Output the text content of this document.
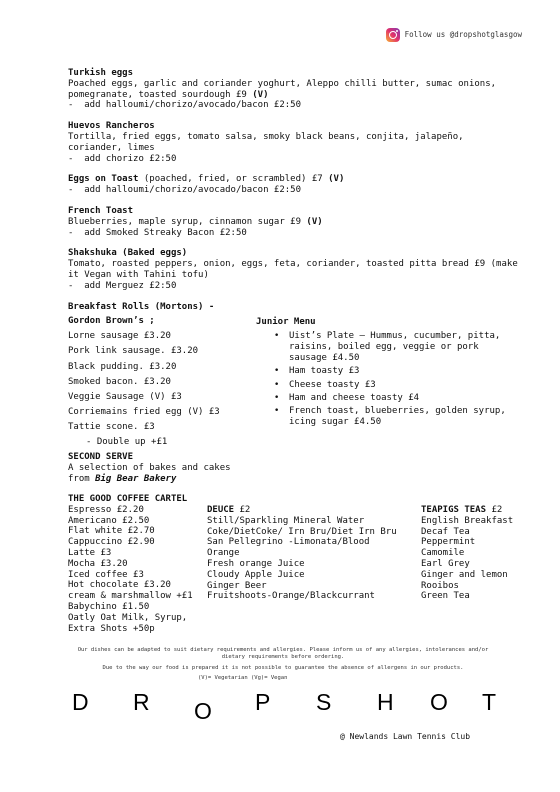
Follow us @dropshotglasgow
Turkish eggs
Poached eggs, garlic and coriander yoghurt, Aleppo chilli butter, sumac onions, pomegranate, toasted sourdough £9 (V)
-  add halloumi/chorizo/avocado/bacon £2:50
Huevos Rancheros
Tortilla, fried eggs, tomato salsa, smoky black beans, conjita, jalapeño, coriander, limes
-  add chorizo £2:50
Eggs on Toast (poached, fried, or scrambled) £7 (V)
-  add halloumi/chorizo/avocado/bacon £2:50
French Toast
Blueberries, maple syrup, cinnamon sugar £9 (V)
-  add Smoked Streaky Bacon £2:50
Shakshuka (Baked eggs)
Tomato, roasted peppers, onion, eggs, feta, coriander, toasted pitta bread £9 (make it Vegan with Tahini tofu)
-  add Merguez £2:50
Breakfast Rolls (Mortons) -
Gordon Brown’s ;
Lorne sausage £3.20
Pork link sausage. £3.20
Black pudding. £3.20
Smoked bacon. £3.20
Veggie Sausage (V) £3
Corriemains fried egg (V) £3
Tattie scone. £3
- Double up +£1
SECOND SERVE
A selection of bakes and cakes
from Big Bear Bakery
Junior Menu
• Uist’s Plate – Hummus, cucumber, pitta, raisins, boiled egg, veggie or pork sausage £4.50
• Ham toasty £3
• Cheese toasty £3
• Ham and cheese toasty £4
• French toast, blueberries, golden syrup, icing sugar £4.50
THE GOOD COFFEE CARTEL
Espresso £2.20
Americano £2.50
Flat white £2.70
Cappuccino £2.90
Latte £3
Mocha £3.20
Iced coffee £3
Hot chocolate £3.20
cream & marshmallow +£1
Babychino £1.50
Oatly Oat Milk, Syrup,
Extra Shots +50p
DEUCE £2
Still/Sparkling Mineral Water
Coke/DietCoke/ Irn Bru/Diet Irn Bru
San Pellegrino -Limonata/Blood
Orange
Fresh orange Juice
Cloudy Apple Juice
Ginger Beer
Fruitshoots-Orange/Blackcurrant
TEAPIGS TEAS £2
English Breakfast
Decaf Tea
Peppermint
Camomile
Earl Grey
Ginger and lemon
Rooibos
Green Tea

Our dishes can be adapted to suit dietary requirements and allergies. Please inform us of any allergies, intolerances and/or dietary requirements before ordering.

Due to the way our food is prepared it is not possible to guarantee the absence of allergens in our products.

(V)= Vegetarian (Vg)= Vegan
D R O P S H O T
@ Newlands Lawn Tennis Club
